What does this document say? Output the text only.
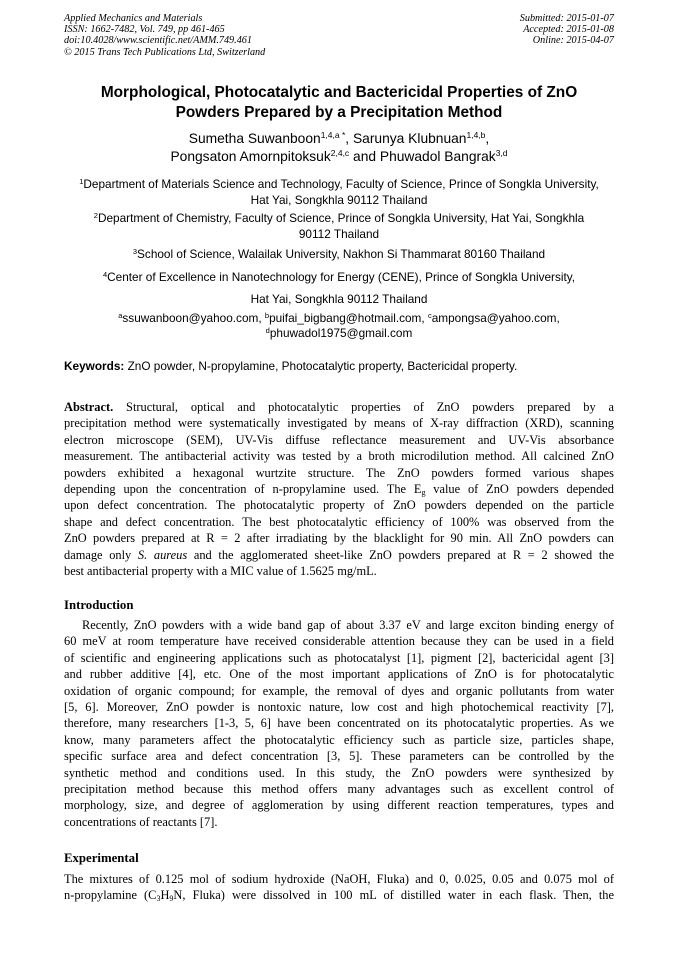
Applied Mechanics and Materials
ISSN: 1662-7482, Vol. 749, pp 461-465
doi:10.4028/www.scientific.net/AMM.749.461
© 2015 Trans Tech Publications Ltd, Switzerland
Submitted: 2015-01-07
Accepted: 2015-01-08
Online: 2015-04-07
Morphological, Photocatalytic and Bactericidal Properties of ZnO
Powders Prepared by a Precipitation Method
Sumetha Suwanboon$^{1,4,a *}$, Sarunya Klubnuan$^{1,4,b}$,
Pongsaton Amornpitoksuk$^{2,4,c}$ and Phuwadol Bangrak$^{3,d}$
$^1$Department of Materials Science and Technology, Faculty of Science, Prince of Songkla University,
Hat Yai, Songkhla 90112 Thailand
$^2$Department of Chemistry, Faculty of Science, Prince of Songkla University, Hat Yai, Songkhla
90112 Thailand
$^3$School of Science, Walailak University, Nakhon Si Thammarat 80160 Thailand
$^4$Center of Excellence in Nanotechnology for Energy (CENE), Prince of Songkla University,
Hat Yai, Songkhla 90112 Thailand
$^a$ssuwanboon@yahoo.com, $^b$puifai_bigbang@hotmail.com, $^c$ampongsa@yahoo.com,
$^d$phuwadol1975@gmail.com
Keywords: ZnO powder, N-propylamine, Photocatalytic property, Bactericidal property.
Abstract. Structural, optical and photocatalytic properties of ZnO powders prepared by a
precipitation method were systematically investigated by means of X-ray diffraction (XRD), scanning
electron microscope (SEM), UV-Vis diffuse reflectance measurement and UV-Vis absorbance
measurement. The antibacterial activity was tested by a broth microdilution method. All calcined ZnO
powders exhibited a hexagonal wurtzite structure. The ZnO powders formed various shapes
depending upon the concentration of n-propylamine used. The $E_g$ value of ZnO powders depended
upon defect concentration. The photocatalytic property of ZnO powders depended on the particle
shape and defect concentration. The best photocatalytic efficiency of 100% was observed from the
ZnO powders prepared at R = 2 after irradiating by the blacklight for 90 min. All ZnO powders can
damage only S. aureus and the agglomerated sheet-like ZnO powders prepared at R = 2 showed the
best antibacterial property with a MIC value of 1.5625 mg/mL.
Introduction
Recently, ZnO powders with a wide band gap of about 3.37 eV and large exciton binding energy of
60 meV at room temperature have received considerable attention because they can be used in a field
of scientific and engineering applications such as photocatalyst [1], pigment [2], bactericidal agent [3]
and rubber additive [4], etc. One of the most important applications of ZnO is for photocatalytic
oxidation of organic compound; for example, the removal of dyes and organic pollutants from water
[5, 6]. Moreover, ZnO powder is nontoxic nature, low cost and high photochemical reactivity [7],
therefore, many researchers [1-3, 5, 6] have been concentrated on its photocatalytic properties. As we
know, many parameters affect the photocatalytic efficiency such as particle size, particles shape,
specific surface area and defect concentration [3, 5]. These parameters can be controlled by the
synthetic method and conditions used. In this study, the ZnO powders were synthesized by
precipitation method because this method offers many advantages such as excellent control of
morphology, size, and degree of agglomeration by using different reaction temperatures, types and
concentrations of reactants [7].
Experimental
The mixtures of 0.125 mol of sodium hydroxide (NaOH, Fluka) and 0, 0.025, 0.05 and 0.075 mol of
n-propylamine ($C_3H_9N$, Fluka) were dissolved in 100 mL of distilled water in each flask. Then, the
